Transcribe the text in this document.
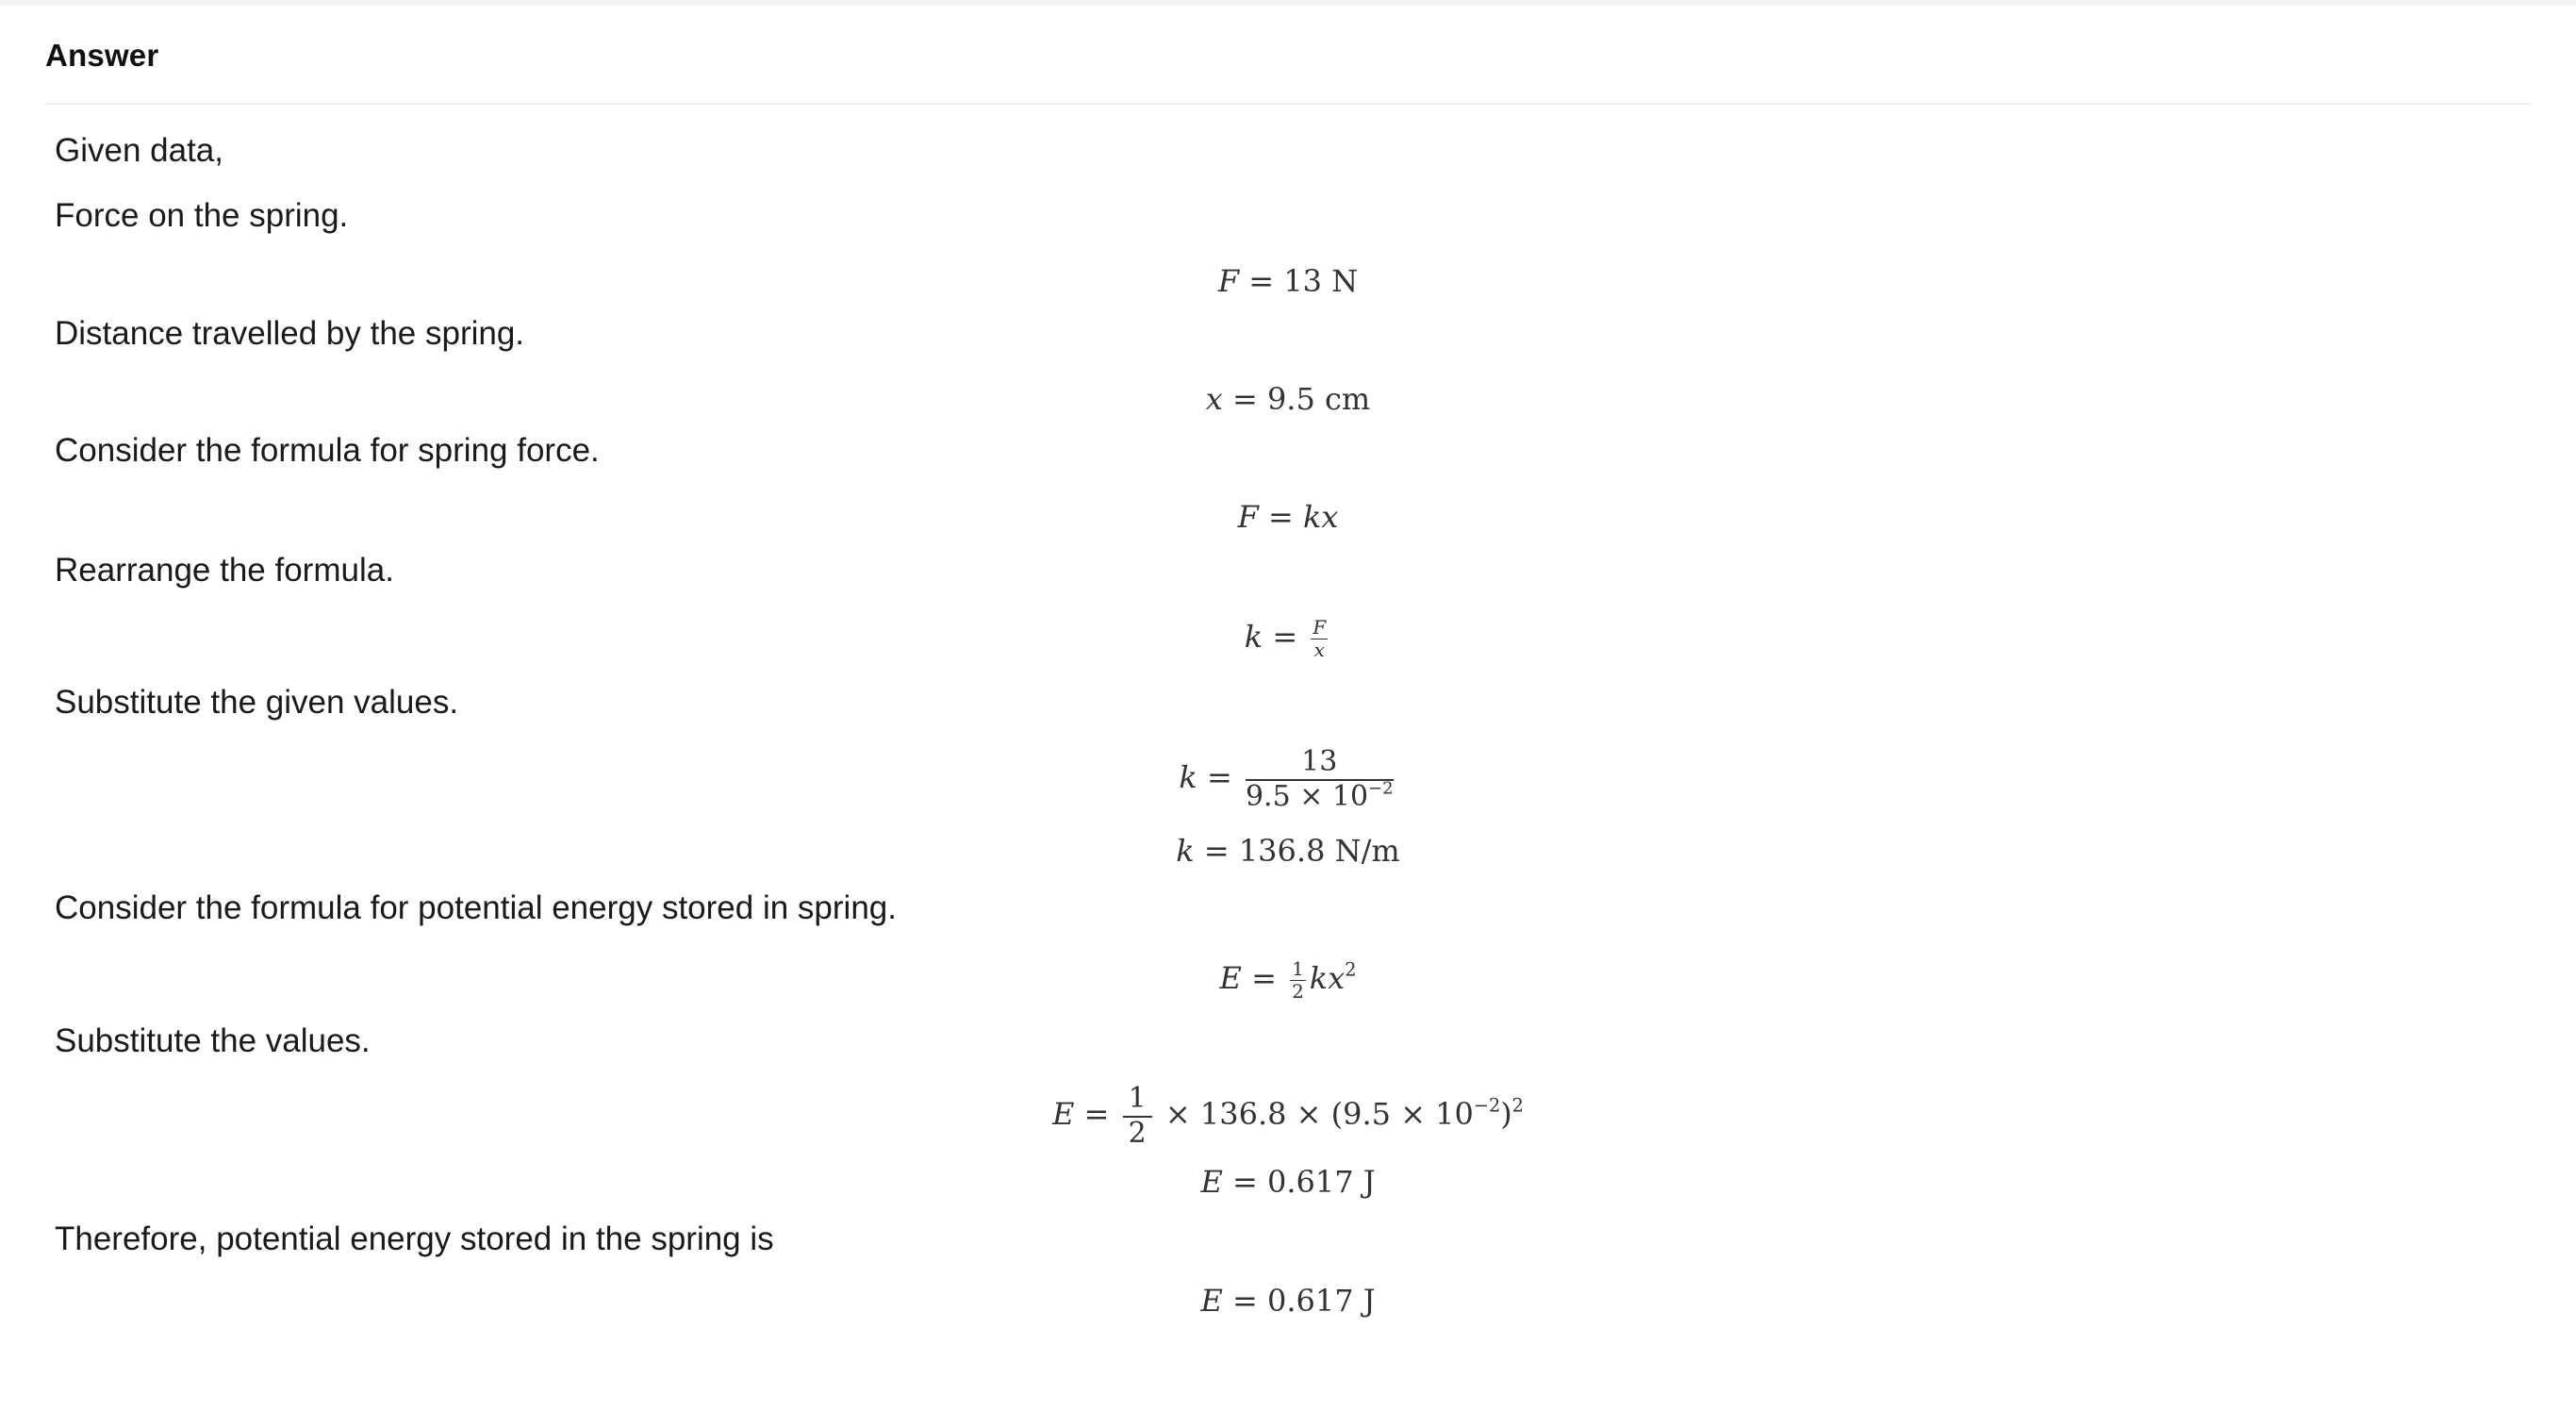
Answer
Given data,
Force on the spring.
F = 13 N
Distance travelled by the spring.
x = 9.5 cm
Consider the formula for spring force.
F = kx
Rearrange the formula.
$k = \frac{F}{x}$
Substitute the given values.
$k = \frac{13}{9.5 \times 10^{-2}}$
k = 136.8 N/m
Consider the formula for potential energy stored in spring.
$E = \frac{1}{2} kx^2$
Substitute the values.
$E = \frac{1}{2} \times 136.8 \times (9.5 \times 10^{-2})^2$
E = 0.617 J
Therefore, potential energy stored in the spring is
E = 0.617 J
